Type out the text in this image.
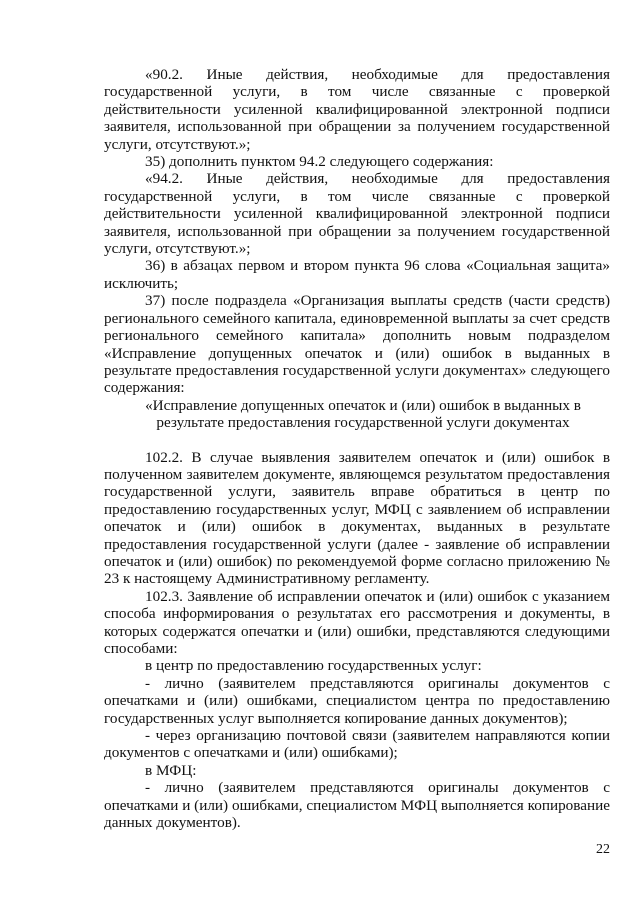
«90.2. Иные действия, необходимые для предоставления государственной услуги, в том числе связанные с проверкой действительности усиленной квалифицированной электронной подписи заявителя, использованной при обращении за получением государственной услуги, отсутствуют.»;

35) дополнить пунктом 94.2 следующего содержания:

«94.2. Иные действия, необходимые для предоставления государственной услуги, в том числе связанные с проверкой действительности усиленной квалифицированной электронной подписи заявителя, использованной при обращении за получением государственной услуги, отсутствуют.»;

36) в абзацах первом и втором пункта 96 слова «Социальная защита» исключить;

37) после подраздела «Организация выплаты средств (части средств) регионального семейного капитала, единовременной выплаты за счет средств регионального семейного капитала» дополнить новым подразделом «Исправление допущенных опечаток и (или) ошибок в выданных в результате предоставления государственной услуги документах» следующего содержания:

«Исправление допущенных опечаток и (или) ошибок в выданных в результате предоставления государственной услуги документах

102.2. В случае выявления заявителем опечаток и (или) ошибок в полученном заявителем документе, являющемся результатом предоставления государственной услуги, заявитель вправе обратиться в центр по предоставлению государственных услуг, МФЦ с заявлением об исправлении опечаток и (или) ошибок в документах, выданных в результате предоставления государственной услуги (далее - заявление об исправлении опечаток и (или) ошибок) по рекомендуемой форме согласно приложению № 23 к настоящему Административному регламенту.

102.3. Заявление об исправлении опечаток и (или) ошибок с указанием способа информирования о результатах его рассмотрения и документы, в которых содержатся опечатки и (или) ошибки, представляются следующими способами:

в центр по предоставлению государственных услуг:

- лично (заявителем представляются оригиналы документов с опечатками и (или) ошибками, специалистом центра по предоставлению государственных услуг выполняется копирование данных документов);

- через организацию почтовой связи (заявителем направляются копии документов с опечатками и (или) ошибками);

в МФЦ:

- лично (заявителем представляются оригиналы документов с опечатками и (или) ошибками, специалистом МФЦ выполняется копирование данных документов).

22
